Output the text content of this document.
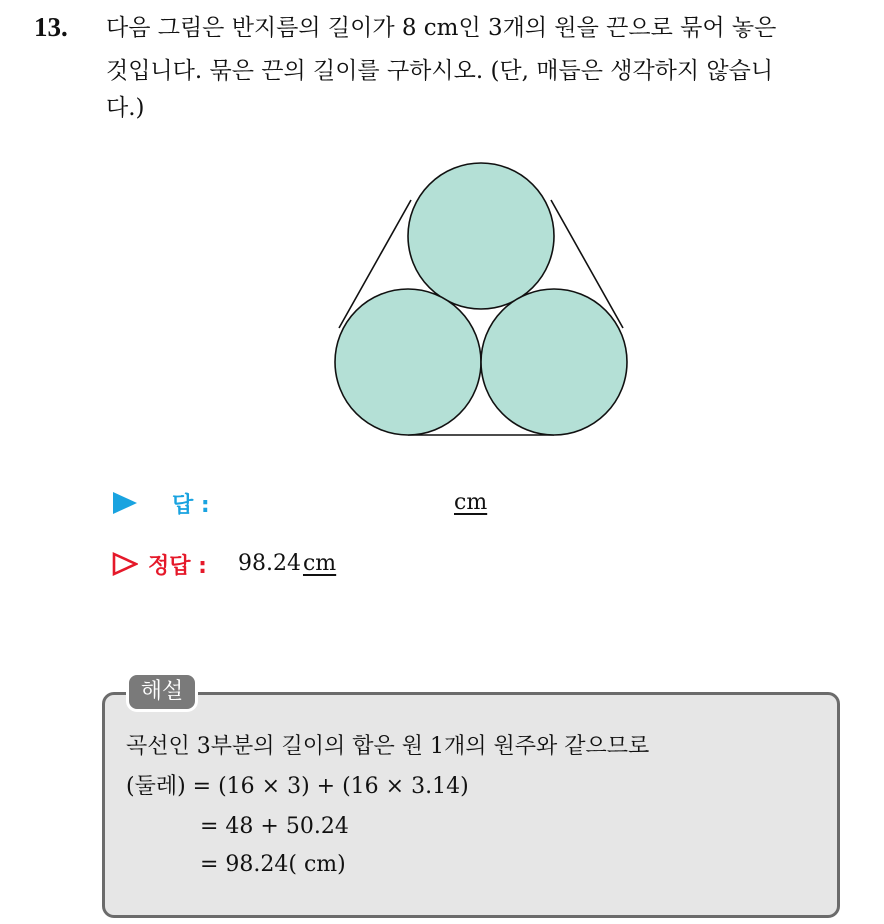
13. 다음 그림은 반지름의 길이가 8 cm인 3개의 원을 끈으로 묶어 놓은
것입니다. 묶은 끈의 길이를 구하시오. (단, 매듭은 생각하지 않습니
다.)
답 :	cm
정답 : 98.24cm
해설
곡선인 3부분의 길이의 합은 원 1개의 원주와 같으므로
(둘레) = (16 × 3) + (16 × 3.14)
= 48 + 50.24
= 98.24( cm)
